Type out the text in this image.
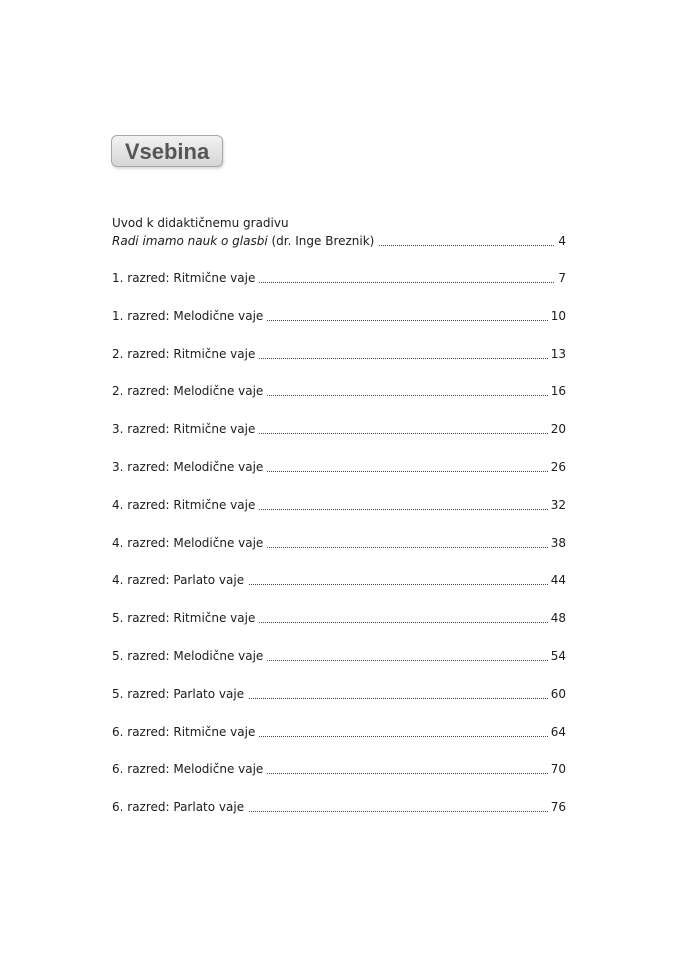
Vsebina
Uvod k didaktičnemu gradivu
Radi imamo nauk o glasbi (dr. Inge Breznik)	4
1. razred: Ritmične vaje	7
1. razred: Melodične vaje	10
2. razred: Ritmične vaje	13
2. razred: Melodične vaje	16
3. razred: Ritmične vaje	20
3. razred: Melodične vaje	26
4. razred: Ritmične vaje	32
4. razred: Melodične vaje	38
4. razred: Parlato vaje	44
5. razred: Ritmične vaje	48
5. razred: Melodične vaje	54
5. razred: Parlato vaje	60
6. razred: Ritmične vaje	64
6. razred: Melodične vaje	70
6. razred: Parlato vaje	76
